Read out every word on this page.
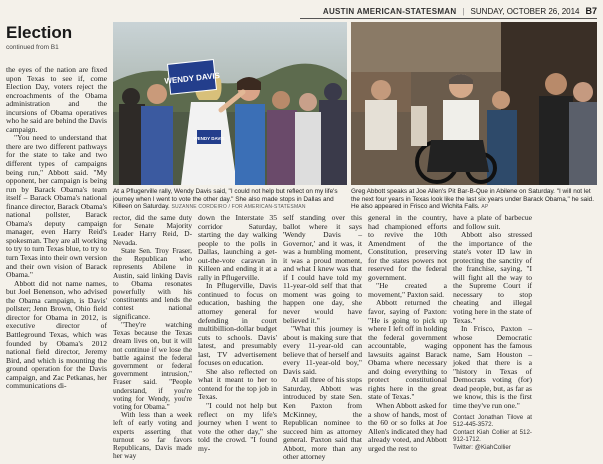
AUSTIN AMERICAN-STATESMAN | SUNDAY, OCTOBER 26, 2014 B7
Election
continued from B1
WENDY DAVIS
WENDY DAVIS
At a Pflugerville rally, Wendy Davis said, "I could not help but reflect on my life's journey when I went to vote the other day." She also made stops in Dallas and Killeen on Saturday. SUZANNE CORDEIRO / FOR AMERICAN-STATESMAN
Greg Abbott speaks at Joe Allen's Pit Bar-B-Que in Abilene on Saturday. "I will not let the next four years in Texas look like the last six years under Barack Obama," he said. He also appeared in Frisco and Wichita Falls. AP

the eyes of the nation are fixed upon Texas to see if, come Election Day, voters reject the encroachments of the Obama administration and the incursions of Obama operatives who he said are behind the Davis campaign.

"You need to understand that there are two different pathways for the state to take and two different types of campaigns being run," Abbott said. "My opponent, her campaign is being run by Barack Obama's team itself – Barack Obama's national finance director, Barack Obama's national pollster, Barack Obama's deputy campaign manager, even Harry Reid's spokesman. They are all working to try to turn Texas blue, to try to turn Texas into their own version and their own vision of Barack Obama."

Abbott did not name names, but Joel Benenson, who advised the Obama campaign, is Davis' pollster; Jenn Brown, Ohio field director for Obama in 2012, is executive director of Battleground Texas, which was founded by Obama's 2012 national field director, Jeremy Bird, and which is mounting the ground operation for the Davis campaign, and Zac Petkanas, her communications di-

rector, did the same duty for Senate Majority Leader Harry Reid, D-Nevada.

State Sen. Troy Fraser, the Republican who represents Abilene in Austin, said linking Davis to Obama resonates powerfully with his constituents and lends the contest national significance.

"They're watching Texas because the Texas dream lives on, but it will not continue if we lose the battle against the federal government or federal government intrusion," Fraser said. "People understand, if you're voting for Wendy, you're voting for Obama."

With less than a week left of early voting and experts asserting that turnout so far favors Republicans, Davis made her way

down the Interstate 35 corridor Saturday, starting the day walking people to the polls in Dallas, launching a get-out-the-vote caravan in Killeen and ending it at a rally in Pflugerville.

In Pflugerville, Davis continued to focus on education, bashing the attorney general for defending in court multibillion-dollar budget cuts to schools. Davis' latest, and presumably last, TV advertisement focuses on education.

She also reflected on what it meant to her to contend for the top job in Texas.

"I could not help but reflect on my life's journey when I went to vote the other day," she told the crowd. "I found my-

self standing over this ballot where it says 'Wendy Davis – Governor,' and it was, it was a humbling moment, it was a proud moment, and what I knew was that if I could have told my 11-year-old self that that moment was going to happen one day, she never would have believed it."

"What this journey is about is making sure that every 11-year-old can believe that of herself and every 11-year-old boy," Davis said.

At all three of his stops Saturday, Abbott was introduced by state Sen. Ken Paxton from McKinney, the Republican nominee to succeed him as attorney general. Paxton said that Abbott, more than any other attorney

general in the country, had championed efforts to revive the 10th Amendment of the Constitution, preserving for the states powers not reserved for the federal government.

"He created a movement," Paxton said.

Abbott returned the favor, saying of Paxton: "He is going to pick up where I left off in holding the federal government accountable, waging lawsuits against Barack Obama where necessary and doing everything to protect constitutional rights here in the great state of Texas."

When Abbott asked for a show of hands, most of the 60 or so folks at Joe Allen's indicated they had already voted, and Abbott urged the rest to

have a plate of barbecue and follow suit.

Abbott also stressed the importance of the state's voter ID law in protecting the sanctity of the franchise, saying, "I will fight all the way to the Supreme Court if necessary to stop cheating and illegal voting here in the state of Texas."

In Frisco, Paxton – whose Democratic opponent has the famous name, Sam Houston – joked that there is a "history in Texas of Democrats voting (for) dead people, but, as far as we know, this is the first time they've run one."

Contact Jonathan Tilove at 512-445-3572.
Contact Kiah Collier at 512-912-1712.
Twitter: @KiahCollier
